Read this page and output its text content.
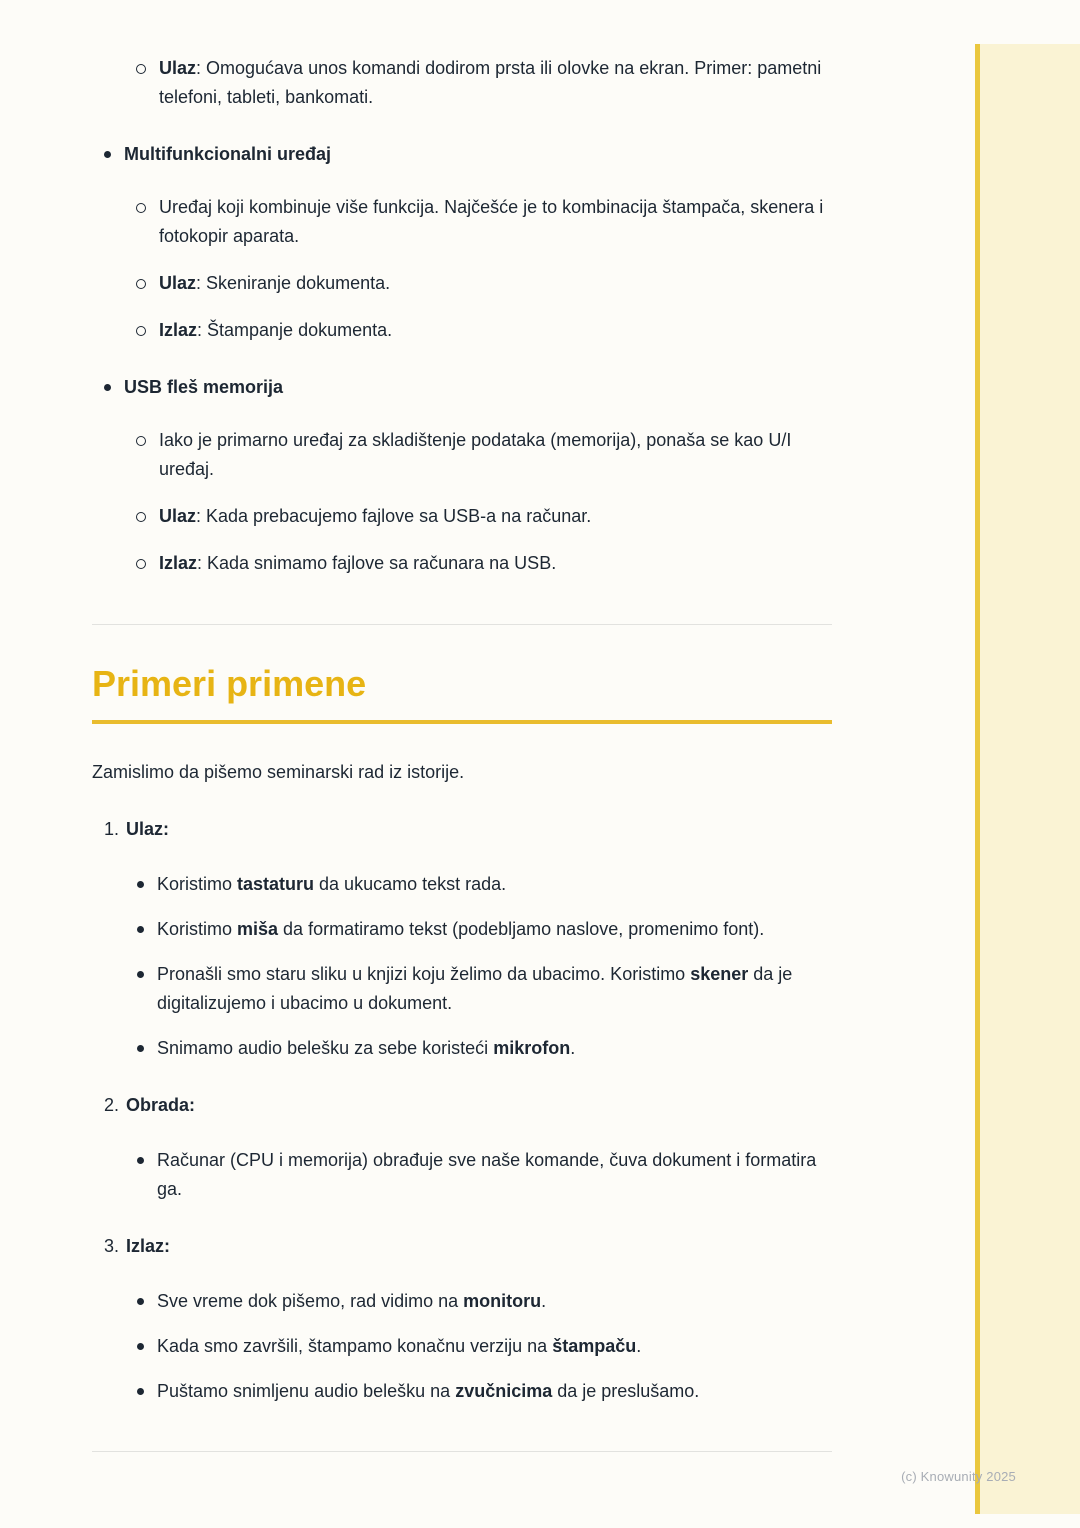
Ulaz: Omogućava unos komandi dodirom prsta ili olovke na ekran. Primer: pametni telefoni, tableti, bankomati.
Multifunkcionalni uređaj
Uređaj koji kombinuje više funkcija. Najčešće je to kombinacija štampača, skenera i fotokopir aparata.
Ulaz: Skeniranje dokumenta.
Izlaz: Štampanje dokumenta.
USB fleš memorija
Iako je primarno uređaj za skladištenje podataka (memorija), ponaša se kao U/I uređaj.
Ulaz: Kada prebacujemo fajlove sa USB-a na računar.
Izlaz: Kada snimamo fajlove sa računara na USB.
Primeri primene

Zamislimo da pišemo seminarski rad iz istorije.

1. Ulaz:
Koristimo tastaturu da ukucamo tekst rada.
Koristimo miša da formatiramo tekst (podebljamo naslove, promenimo font).
Pronašli smo staru sliku u knjizi koju želimo da ubacimo. Koristimo skener da je digitalizujemo i ubacimo u dokument.
Snimamo audio belešku za sebe koristeći mikrofon.
2. Obrada:
Računar (CPU i memorija) obrađuje sve naše komande, čuva dokument i formatira ga.
3. Izlaz:
Sve vreme dok pišemo, rad vidimo na monitoru.
Kada smo završili, štampamo konačnu verziju na štampaču.
Puštamo snimljenu audio belešku na zvučnicima da je preslušamo.
(c) Knowunity 2025
